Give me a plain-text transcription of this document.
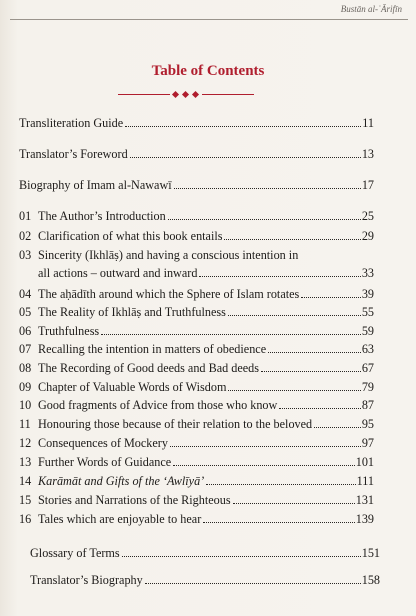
Bustān al-ʿĀrifīn
Table of Contents
Transliteration Guide	11
Translator’s Foreword	13
Biography of Imam al-Nawawī	17
01 The Author’s Introduction	25
02 Clarification of what this book entails	29
03 Sincerity (Ikhlāṣ) and having a conscious intention in
all actions – outward and inward	33
04 The aḥādīth around which the Sphere of Islam rotates	39
05 The Reality of Ikhlāṣ and Truthfulness	55
06 Truthfulness	59
07 Recalling the intention in matters of obedience	63
08 The Recording of Good deeds and Bad deeds	67
09 Chapter of Valuable Words of Wisdom	79
10 Good fragments of Advice from those who know	87
11 Honouring those because of their relation to the beloved	95
12 Consequences of Mockery	97
13 Further Words of Guidance	101
14 Karāmāt and Gifts of the ‘Awlīyā’	111
15 Stories and Narrations of the Righteous	131
16 Tales which are enjoyable to hear	139
Glossary of Terms	151
Translator’s Biography	158
